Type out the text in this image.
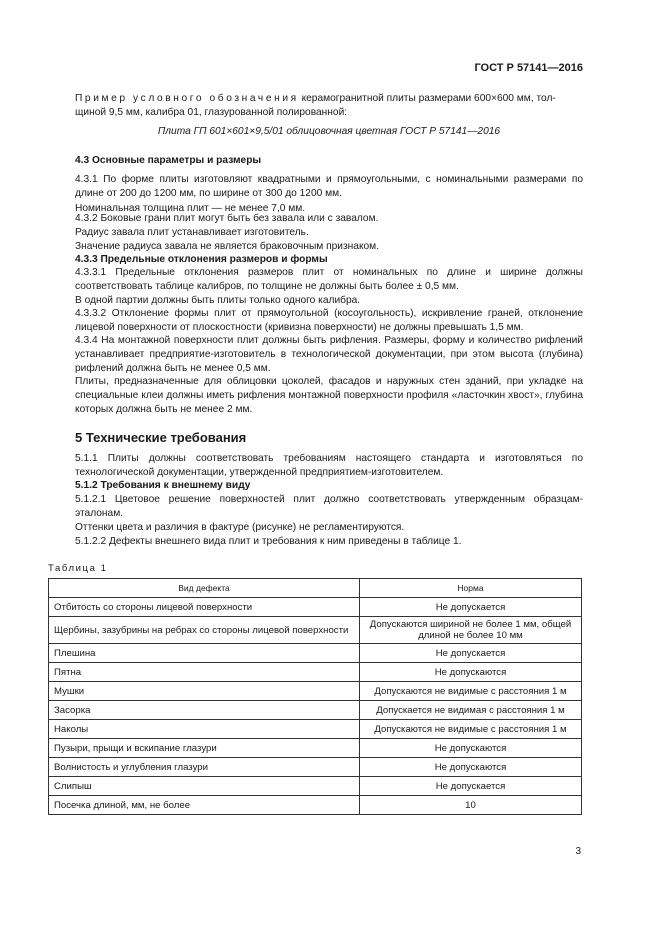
ГОСТ Р 57141—2016
Пример условного обозначения керамогранитной плиты размерами 600×600 мм, тол-
щиной 9,5 мм, калибра 01, глазурованной полированной:
Плита ГП 601×601×9,5/01 облицовочная цветная ГОСТ Р 57141—2016
4.3 Основные параметры и размеры
4.3.1 По форме плиты изготовляют квадратными и прямоугольными, с номинальными размерами по длине от 200 до 1200 мм, по ширине от 300 до 1200 мм.
Номинальная толщина плит — не менее 7,0 мм.
4.3.2 Боковые грани плит могут быть без завала или с завалом.
Радиус завала плит устанавливает изготовитель.
Значение радиуса завала не является браковочным признаком.
4.3.3 Предельные отклонения размеров и формы
4.3.3.1 Предельные отклонения размеров плит от номинальных по длине и ширине должны соответствовать таблице калибров, по толщине не должны быть более ± 0,5 мм.
В одной партии должны быть плиты только одного калибра.
4.3.3.2 Отклонение формы плит от прямоугольной (косоугольность), искривление граней, отклонение лицевой поверхности от плоскостности (кривизна поверхности) не должны превышать 1,5 мм.
4.3.4 На монтажной поверхности плит должны быть рифления. Размеры, форму и количество рифлений устанавливает предприятие-изготовитель в технологической документации, при этом высота (глубина) рифлений должна быть не менее 0,5 мм.
Плиты, предназначенные для облицовки цоколей, фасадов и наружных стен зданий, при укладке на специальные клеи должны иметь рифления монтажной поверхности профиля «ласточкин хвост», глубина которых должна быть не менее 2 мм.
5 Технические требования
5.1.1 Плиты должны соответствовать требованиям настоящего стандарта и изготовляться по технологической документации, утвержденной предприятием-изготовителем.
5.1.2 Требования к внешнему виду
5.1.2.1 Цветовое решение поверхностей плит должно соответствовать утвержденным образцам-эталонам.
Оттенки цвета и различия в фактуре (рисунке) не регламентируются.
5.1.2.2 Дефекты внешнего вида плит и требования к ним приведены в таблице 1.
Таблица 1
Вид дефекта	Норма
Отбитость со стороны лицевой поверхности	Не допускается
Щербины, зазубрины на ребрах со стороны лицевой поверхности	Допускаются шириной не более 1 мм, общей длиной не более 10 мм
Плешина	Не допускается
Пятна	Не допускаются
Мушки	Допускаются не видимые с расстояния 1 м
Засорка	Допускается не видимая с расстояния 1 м
Наколы	Допускаются не видимые с расстояния 1 м
Пузыри, прыщи и вскипание глазури	Не допускаются
Волнистость и углубления глазури	Не допускаются
Слипыш	Не допускается
Посечка длиной, мм, не более	10
3
